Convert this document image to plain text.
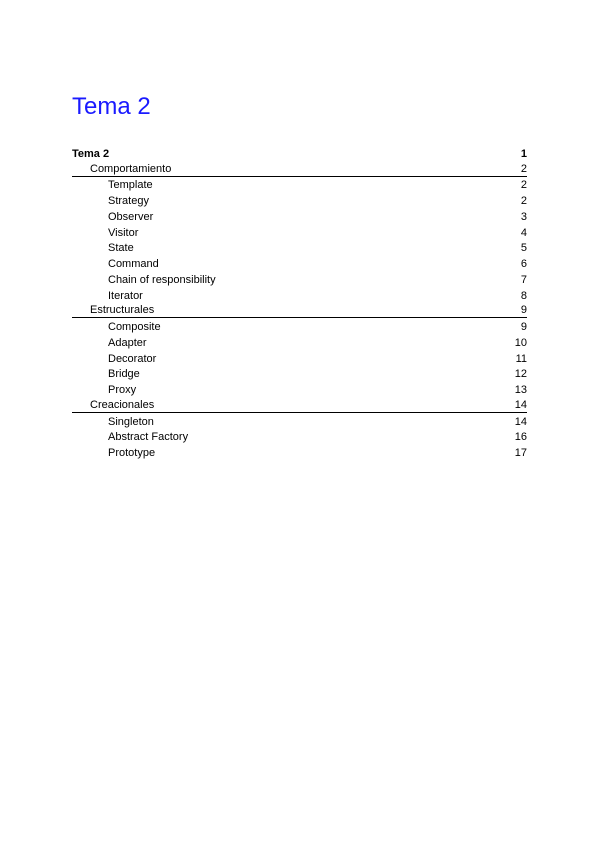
Tema 2
Tema 2	1
Comportamiento	2
Template	2
Strategy	2
Observer	3
Visitor	4
State	5
Command	6
Chain of responsibility	7
Iterator	8
Estructurales	9
Composite	9
Adapter	10
Decorator	11
Bridge	12
Proxy	13
Creacionales	14
Singleton	14
Abstract Factory	16
Prototype	17
